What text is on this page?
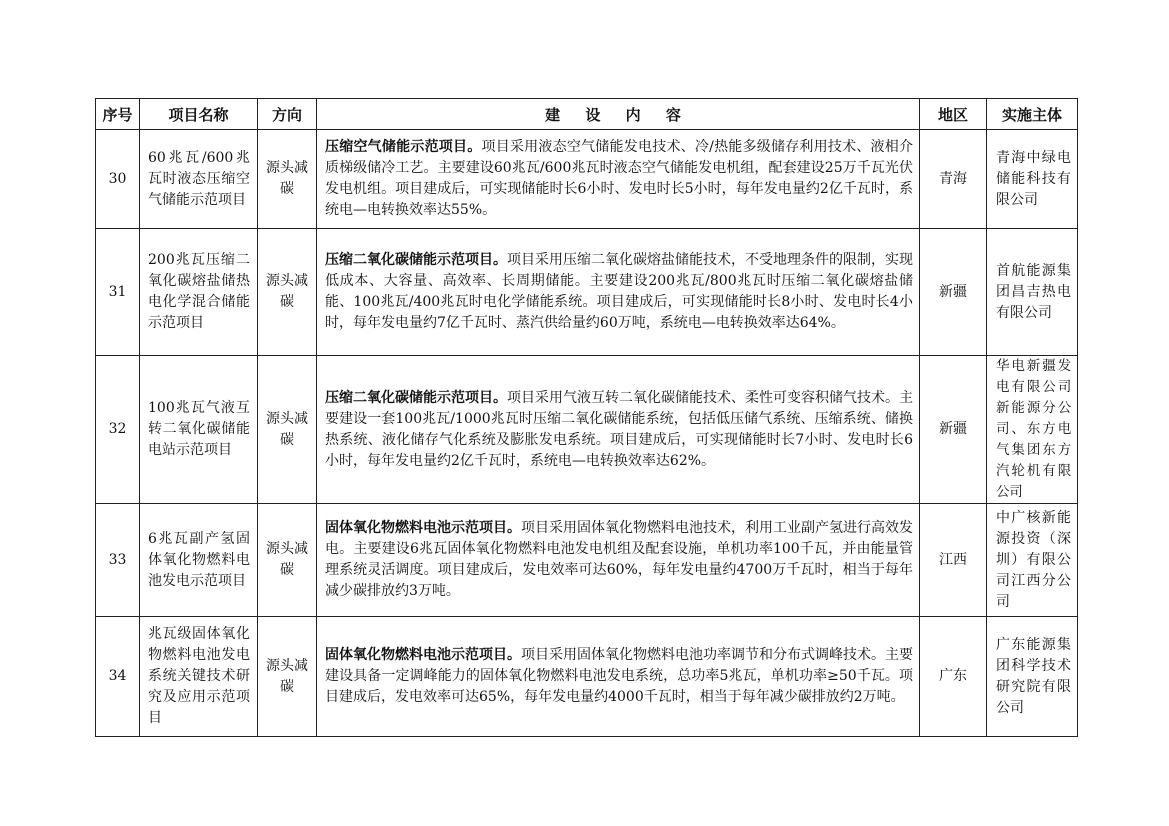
序号	项目名称	方向	建 设 内 容	地区	实施主体
30	60兆瓦/600兆瓦时液态压缩空气储能示范项目	源头减碳	压缩空气储能示范项目。项目采用液态空气储能发电技术、冷/热能多级储存利用技术、液相介质梯级储冷工艺。主要建设60兆瓦/600兆瓦时液态空气储能发电机组，配套建设25万千瓦光伏发电机组。项目建成后，可实现储能时长6小时、发电时长5小时，每年发电量约2亿千瓦时，系统电—电转换效率达55%。	青海	青海中绿电储能科技有限公司
31	200兆瓦压缩二氧化碳熔盐储热电化学混合储能示范项目	源头减碳	压缩二氧化碳储能示范项目。项目采用压缩二氧化碳熔盐储能技术，不受地理条件的限制，实现低成本、大容量、高效率、长周期储能。主要建设200兆瓦/800兆瓦时压缩二氧化碳熔盐储能、100兆瓦/400兆瓦时电化学储能系统。项目建成后，可实现储能时长8小时、发电时长4小时，每年发电量约7亿千瓦时、蒸汽供给量约60万吨，系统电—电转换效率达64%。	新疆	首航能源集团昌吉热电有限公司
32	100兆瓦气液互转二氧化碳储能电站示范项目	源头减碳	压缩二氧化碳储能示范项目。项目采用气液互转二氧化碳储能技术、柔性可变容积储气技术。主要建设一套100兆瓦/1000兆瓦时压缩二氧化碳储能系统，包括低压储气系统、压缩系统、储换热系统、液化储存气化系统及膨胀发电系统。项目建成后，可实现储能时长7小时、发电时长6小时，每年发电量约2亿千瓦时，系统电—电转换效率达62%。	新疆	华电新疆发电有限公司新能源分公司、东方电气集团东方汽轮机有限公司
33	6兆瓦副产氢固体氧化物燃料电池发电示范项目	源头减碳	固体氧化物燃料电池示范项目。项目采用固体氧化物燃料电池技术，利用工业副产氢进行高效发电。主要建设6兆瓦固体氧化物燃料电池发电机组及配套设施，单机功率100千瓦，并由能量管理系统灵活调度。项目建成后，发电效率可达60%，每年发电量约4700万千瓦时，相当于每年减少碳排放约3万吨。	江西	中广核新能源投资（深圳）有限公司江西分公司
34	兆瓦级固体氧化物燃料电池发电系统关键技术研究及应用示范项目	源头减碳	固体氧化物燃料电池示范项目。项目采用固体氧化物燃料电池功率调节和分布式调峰技术。主要建设具备一定调峰能力的固体氧化物燃料电池发电系统，总功率5兆瓦，单机功率≥50千瓦。项目建成后，发电效率可达65%，每年发电量约4000千瓦时，相当于每年减少碳排放约2万吨。	广东	广东能源集团科学技术研究院有限公司
